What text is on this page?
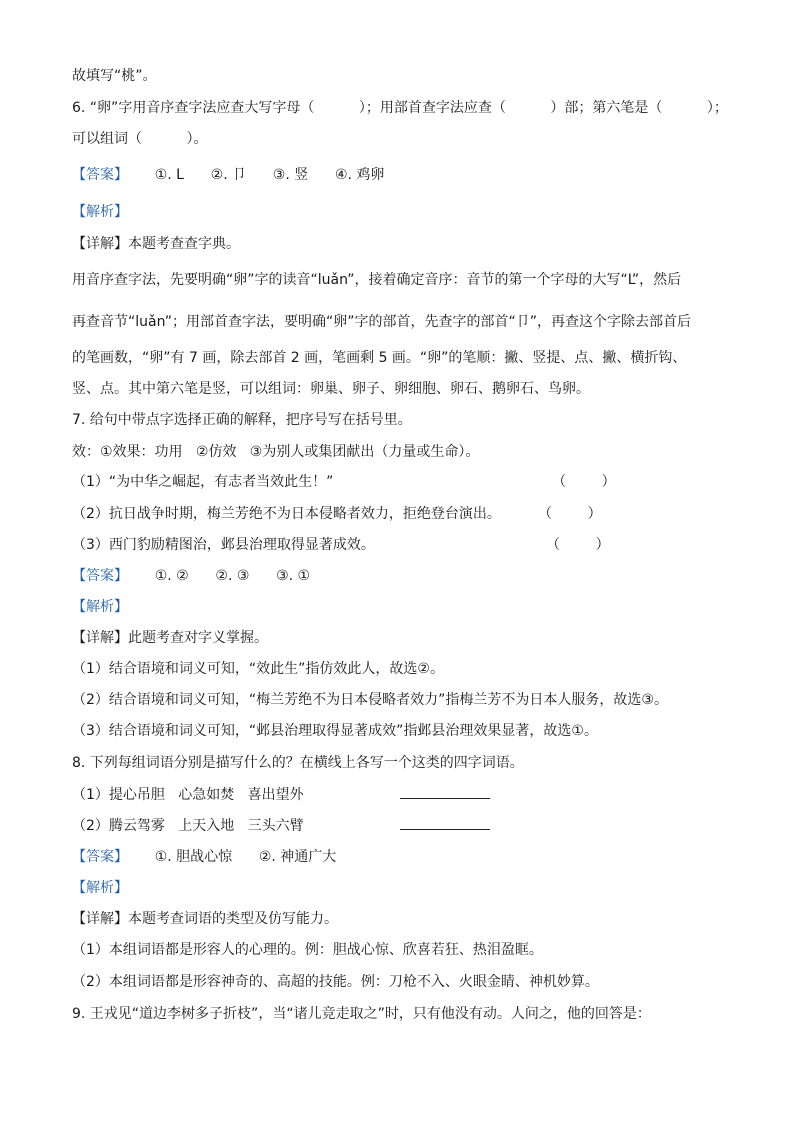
故填写“桃”。
6. “卵”字用音序查字法应查大写字母（          ）；用部首查字法应查（          ）部；第六笔是（          ）；
可以组词（          ）。
【答案】      ①. L      ②. 卩      ③. 竖      ④. 鸡卵
【解析】
【详解】本题考查查字典。
用音序查字法，先要明确“卵”字的读音“luǎn”，接着确定音序：音节的第一个字母的大写“L”，然后
再查音节“luǎn”；用部首查字法，要明确“卵”字的部首，先查字的部首“卩”，再查这个字除去部首后
的笔画数，“卵”有 7 画，除去部首 2 画，笔画剩 5 画。“卵”的笔顺：撇、竖提、点、撇、横折钩、
竖、点。其中第六笔是竖，可以组词：卵巢、卵子、卵细胞、卵石、鹅卵石、鸟卵。
7. 给句中带点字选择正确的解释，把序号写在括号里。
效：①效果：功用   ②仿效   ③为别人或集团献出（力量或生命）。
（1）“为中华之崛起，有志者当效此生！”	（        ）
（2）抗日战争时期，梅兰芳绝不为日本侵略者效力，拒绝登台演出。	（        ）
（3）西门豹励精图治，邺县治理取得显著成效。	（        ）
【答案】      ①. ②      ②. ③      ③. ①
【解析】
【详解】此题考查对字义掌握。
（1）结合语境和词义可知，“效此生”指仿效此人，故选②。
（2）结合语境和词义可知，“梅兰芳绝不为日本侵略者效力”指梅兰芳不为日本人服务，故选③。
（3）结合语境和词义可知，“邺县治理取得显著成效”指邺县治理效果显著，故选①。
8. 下列每组词语分别是描写什么的？在横线上各写一个这类的四字词语。
（1）提心吊胆   心急如焚   喜出望外
（2）腾云驾雾   上天入地   三头六臂
【答案】      ①. 胆战心惊      ②. 神通广大
【解析】
【详解】本题考查词语的类型及仿写能力。
（1）本组词语都是形容人的心理的。例：胆战心惊、欣喜若狂、热泪盈眶。
（2）本组词语都是形容神奇的、高超的技能。例：刀枪不入、火眼金睛、神机妙算。
9. 王戎见“道边李树多子折枝”，当“诸儿竞走取之”时，只有他没有动。人问之，他的回答是：
